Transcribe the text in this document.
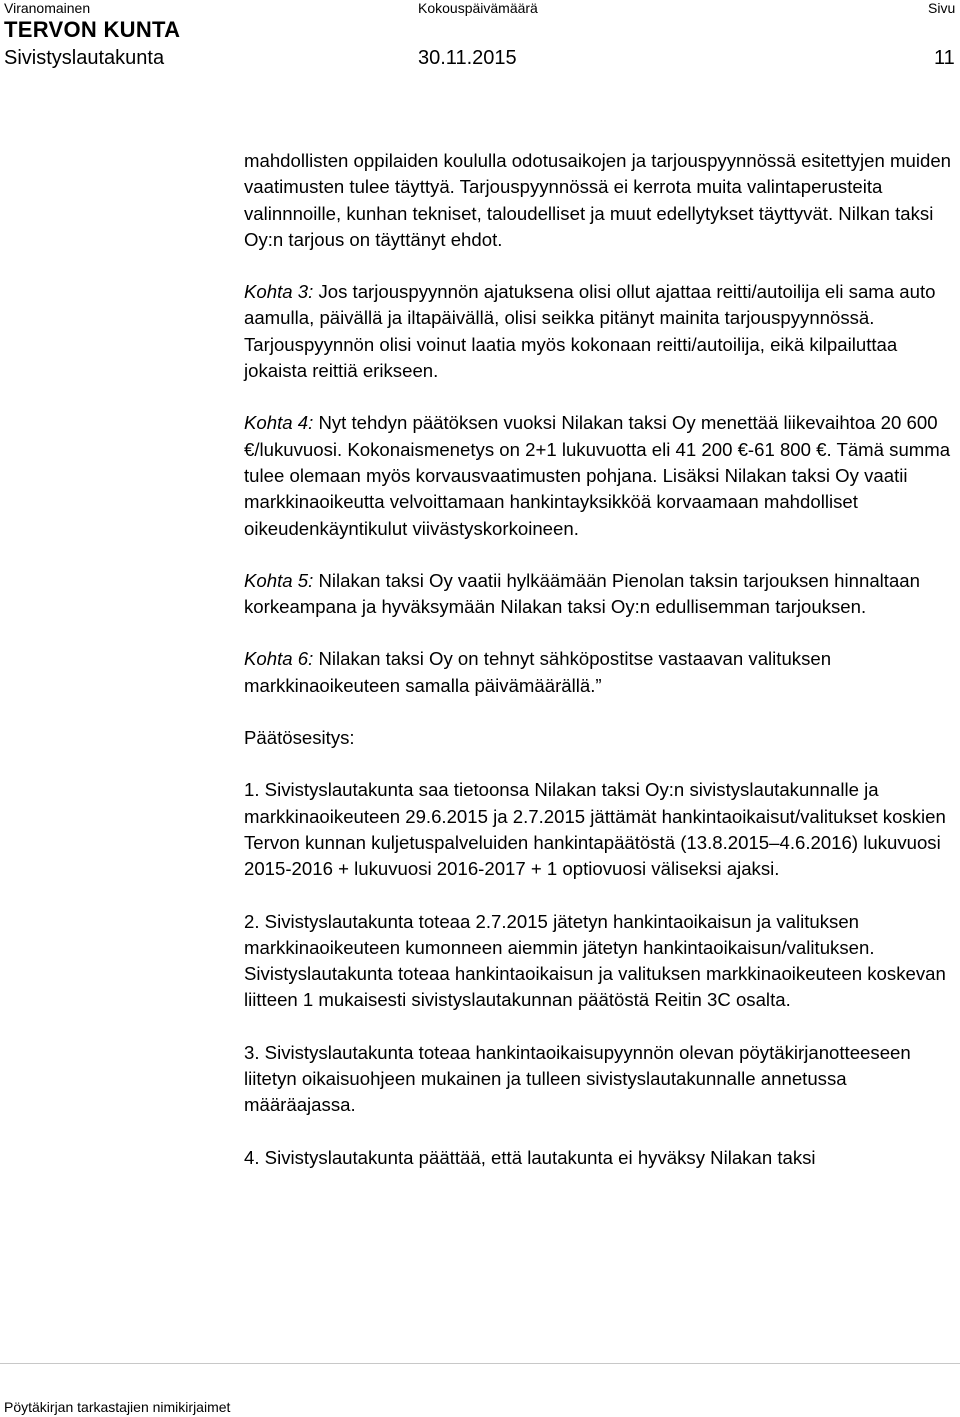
Viranomainen	Kokouspäivämäärä	Sivu
TERVON KUNTA
Sivistyslautakunta	30.11.2015	11

mahdollisten oppilaiden koululla odotusaikojen ja tarjouspyynnössä esitettyjen muiden vaatimusten tulee täyttyä. Tarjouspyynnössä ei kerrota muita valintaperusteita valinnnoille, kunhan tekniset, taloudelliset ja muut edellytykset täyttyvät. Nilkan taksi Oy:n tarjous on täyttänyt ehdot.

Kohta 3: Jos tarjouspyynnön ajatuksena olisi ollut ajattaa reitti/autoilija eli sama auto aamulla, päivällä ja iltapäivällä, olisi seikka pitänyt mainita tarjouspyynnössä. Tarjouspyynnön olisi voinut laatia myös kokonaan reitti/autoilija, eikä kilpailuttaa jokaista reittiä erikseen.

Kohta 4: Nyt tehdyn päätöksen vuoksi Nilakan taksi Oy menettää liikevaihtoa 20 600 €/lukuvuosi. Kokonaismenetys on 2+1 lukuvuotta eli 41 200 €-61 800 €. Tämä summa tulee olemaan myös korvausvaatimusten pohjana. Lisäksi Nilakan taksi Oy vaatii markkinaoikeutta velvoittamaan hankintayksikköä korvaamaan mahdolliset oikeudenkäyntikulut viivästyskorkoineen.

Kohta 5: Nilakan taksi Oy vaatii hylkäämään Pienolan taksin tarjouksen hinnaltaan korkeampana ja hyväksymään Nilakan taksi Oy:n edullisemman tarjouksen.

Kohta 6: Nilakan taksi Oy on tehnyt sähköpostitse vastaavan valituksen markkinaoikeuteen samalla päivämäärällä.”

Päätösesitys:

1. Sivistyslautakunta saa tietoonsa Nilakan taksi Oy:n sivistyslautakunnalle ja markkinaoikeuteen 29.6.2015 ja 2.7.2015 jättämät hankintaoikaisut/valitukset koskien Tervon kunnan kuljetuspalveluiden hankintapäätöstä (13.8.2015–4.6.2016) lukuvuosi 2015-2016 + lukuvuosi 2016-2017 + 1 optiovuosi väliseksi ajaksi.

2. Sivistyslautakunta toteaa 2.7.2015 jätetyn hankintaoikaisun ja valituksen markkinaoikeuteen kumonneen aiemmin jätetyn hankintaoikaisun/valituksen. Sivistyslautakunta toteaa hankintaoikaisun ja valituksen markkinaoikeuteen koskevan liitteen 1 mukaisesti sivistyslautakunnan päätöstä Reitin 3C osalta.

3. Sivistyslautakunta toteaa hankintaoikaisupyynnön olevan pöytäkirjanotteeseen liitetyn oikaisuohjeen mukainen ja tulleen sivistyslautakunnalle annetussa määräajassa.

4. Sivistyslautakunta päättää, että lautakunta ei hyväksy Nilakan taksi

Pöytäkirjan tarkastajien nimikirjaimet
